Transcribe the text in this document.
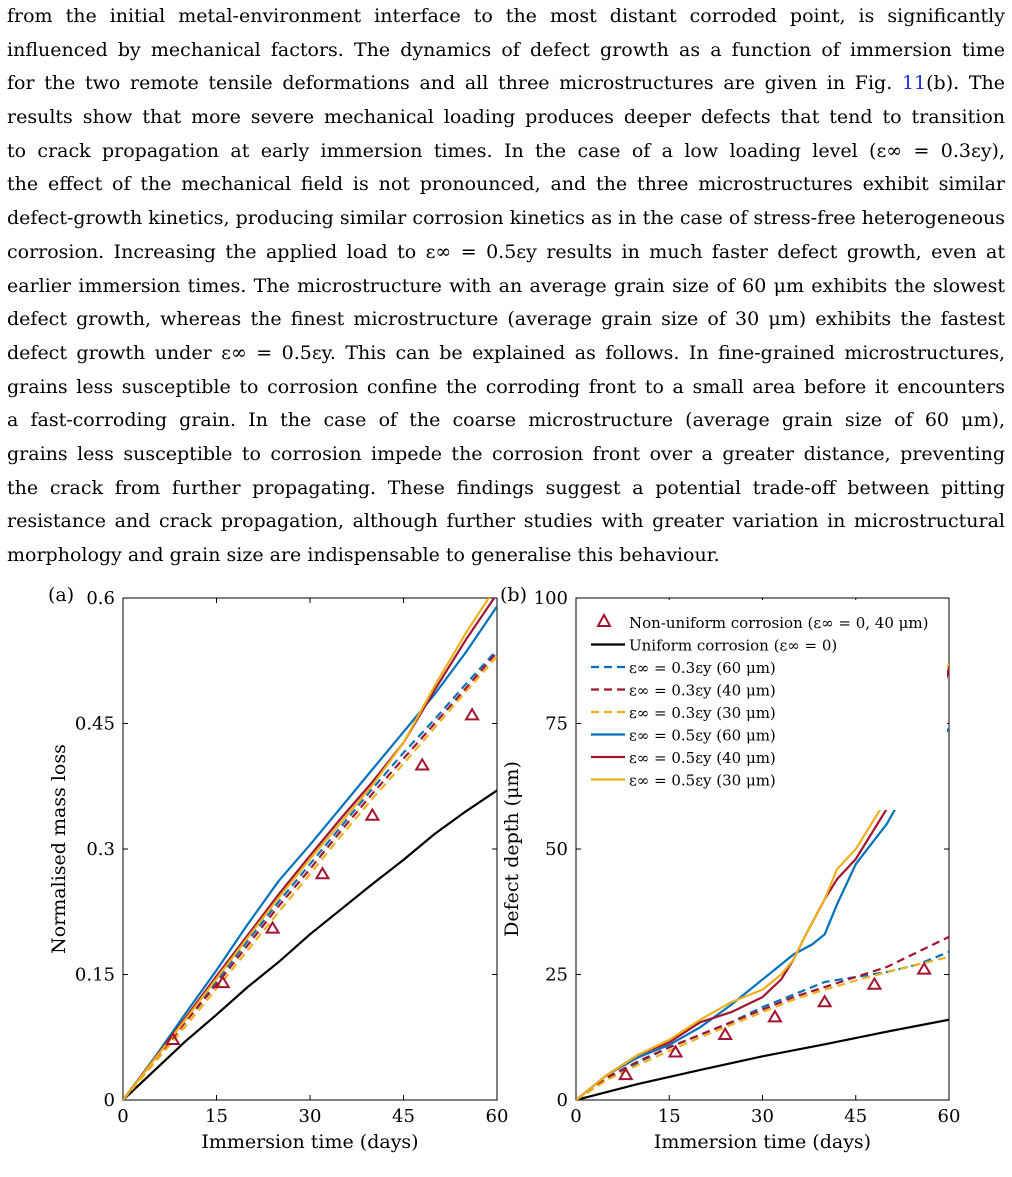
from the initial metal-environment interface to the most distant corroded point, is significantly
influenced by mechanical factors. The dynamics of defect growth as a function of immersion time
for the two remote tensile deformations and all three microstructures are given in Fig. 11(b). The
results show that more severe mechanical loading produces deeper defects that tend to transition
to crack propagation at early immersion times. In the case of a low loading level (ε∞ = 0.3εy),
the effect of the mechanical field is not pronounced, and the three microstructures exhibit similar
defect-growth kinetics, producing similar corrosion kinetics as in the case of stress-free heterogeneous
corrosion. Increasing the applied load to ε∞ = 0.5εy results in much faster defect growth, even at
earlier immersion times. The microstructure with an average grain size of 60 μm exhibits the slowest
defect growth, whereas the finest microstructure (average grain size of 30 μm) exhibits the fastest
defect growth under ε∞ = 0.5εy. This can be explained as follows. In fine-grained microstructures,
grains less susceptible to corrosion confine the corroding front to a small area before it encounters
a fast-corroding grain. In the case of the coarse microstructure (average grain size of 60 μm),
grains less susceptible to corrosion impede the corrosion front over a greater distance, preventing
the crack from further propagating. These findings suggest a potential trade-off between pitting
resistance and crack propagation, although further studies with greater variation in microstructural
morphology and grain size are indispensable to generalise this behaviour.
0	15	30	45	60
0
0.15
0.3
0.45
0.6
Immersion time (days)
Normalised mass loss
(a)
0	15	30	45	60
0
25
50
75
100
Immersion time (days)
Defect depth (μm)
(b)
Non-uniform corrosion (ε∞ = 0, 40 μm)
Uniform corrosion (ε∞ = 0)
ε∞ = 0.3εy (60 μm)
ε∞ = 0.3εy (40 μm)
ε∞ = 0.3εy (30 μm)
ε∞ = 0.5εy (60 μm)
ε∞ = 0.5εy (40 μm)
ε∞ = 0.5εy (30 μm)
